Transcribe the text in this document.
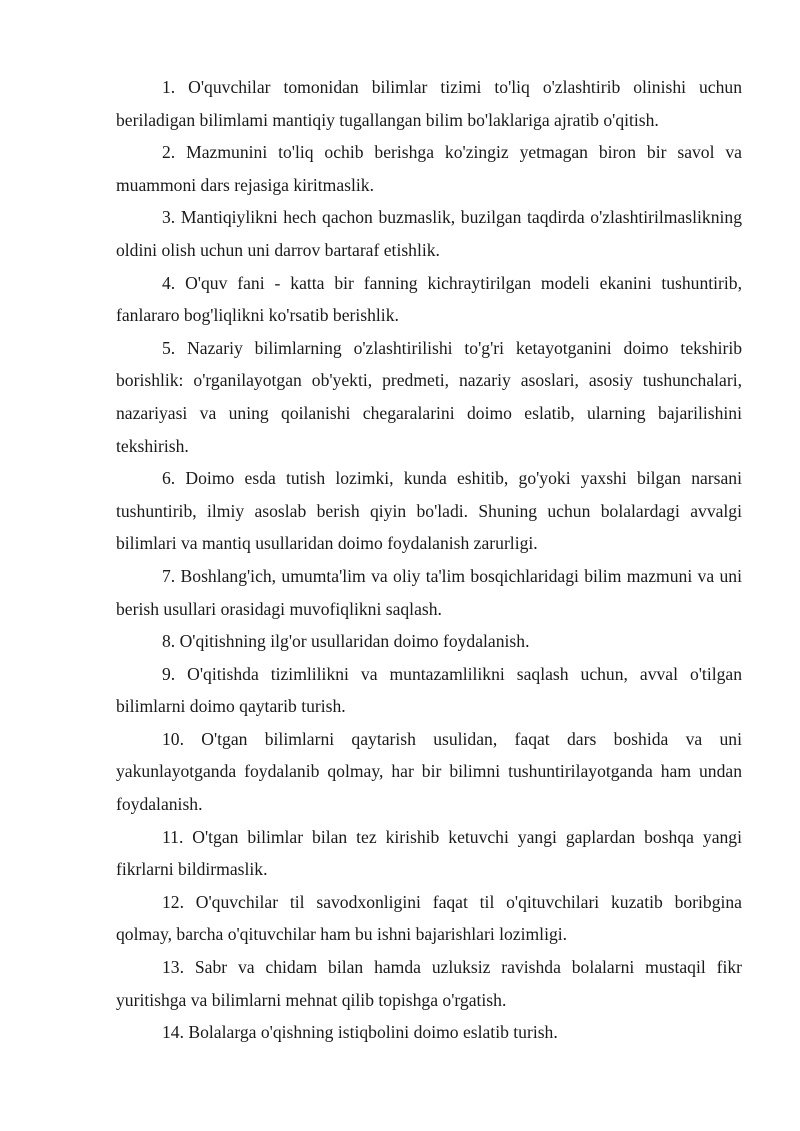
1. O'quvchilar tomonidan bilimlar tizimi to'liq o'zlashtirib olinishi uchun beriladigan bilimlami mantiqiy tugallangan bilim bo'laklariga ajratib o'qitish.

2. Mazmunini to'liq ochib berishga ko'zingiz yetmagan biron bir savol va muammoni dars rejasiga kiritmaslik.

3. Mantiqiylikni hech qachon buzmaslik, buzilgan taqdirda o'zlashtirilmaslikning oldini olish uchun uni darrov bartaraf etishlik.

4. O'quv fani - katta bir fanning kichraytirilgan modeli ekanini tushuntirib, fanlararo bog'liqlikni ko'rsatib berishlik.

5. Nazariy bilimlarning o'zlashtirilishi to'g'ri ketayotganini doimo tekshirib borishlik: o'rganilayotgan ob'yekti, predmeti, nazariy asoslari, asosiy tushunchalari, nazariyasi va uning qoilanishi chegaralarini doimo eslatib, ularning bajarilishini tekshirish.

6. Doimo esda tutish lozimki, kunda eshitib, go'yoki yaxshi bilgan narsani tushuntirib, ilmiy asoslab berish qiyin bo'ladi. Shuning uchun bolalardagi avvalgi bilimlari va mantiq usullaridan doimo foydalanish zarurligi.

7. Boshlang'ich, umumta'lim va oliy ta'lim bosqichlaridagi bilim mazmuni va uni berish usullari orasidagi muvofiqlikni saqlash.

8. O'qitishning ilg'or usullaridan doimo foydalanish.

9. O'qitishda tizimlilikni va muntazamlilikni saqlash uchun, avval o'tilgan bilimlarni doimo qaytarib turish.

10. O'tgan bilimlarni qaytarish usulidan, faqat dars boshida va uni yakunlayotganda foydalanib qolmay, har bir bilimni tushuntirilayotganda ham undan foydalanish.

11. O'tgan bilimlar bilan tez kirishib ketuvchi yangi gaplardan boshqa yangi fikrlarni bildirmaslik.

12. O'quvchilar til savodxonligini faqat til o'qituvchilari kuzatib boribgina qolmay, barcha o'qituvchilar ham bu ishni bajarishlari lozimligi.

13. Sabr va chidam bilan hamda uzluksiz ravishda bolalarni mustaqil fikr yuritishga va bilimlarni mehnat qilib topishga o'rgatish.

14. Bolalarga o'qishning istiqbolini doimo eslatib turish.
